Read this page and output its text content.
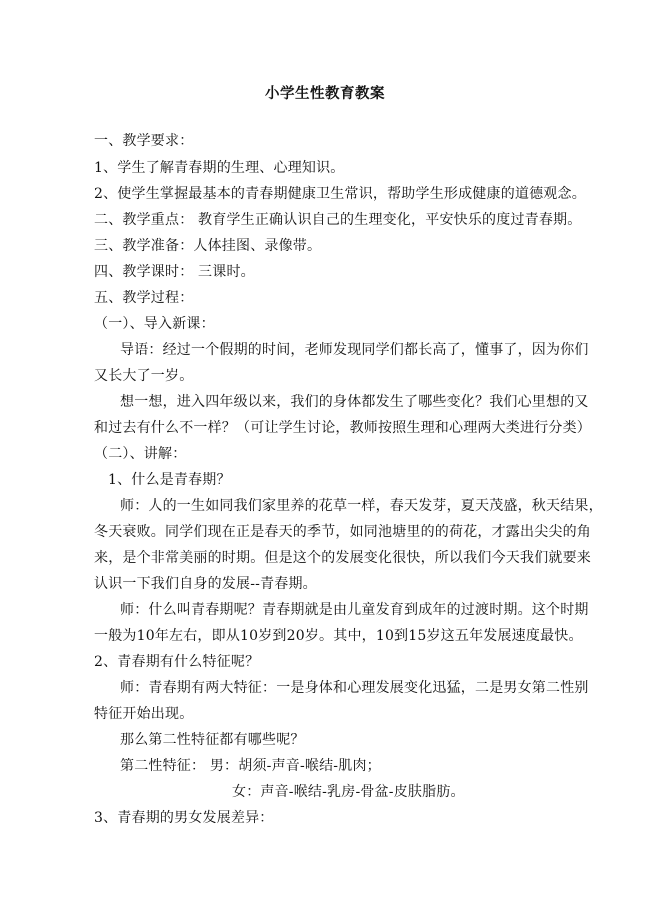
小学生性教育教案
一、教学要求：
1、学生了解青春期的生理、心理知识。
2、使学生掌握最基本的青春期健康卫生常识，帮助学生形成健康的道德观念。
二、教学重点： 教育学生正确认识自己的生理变化，平安快乐的度过青春期。
三、教学准备：人体挂图、录像带。
四、教学课时： 三课时。
五、教学过程：
（一）、导入新课：
导语：经过一个假期的时间，老师发现同学们都长高了，懂事了，因为你们
又长大了一岁。
想一想，进入四年级以来，我们的身体都发生了哪些变化？我们心里想的又
和过去有什么不一样？（可让学生讨论，教师按照生理和心理两大类进行分类）
（二）、讲解：
1、什么是青春期？
师：人的一生如同我们家里养的花草一样，春天发芽，夏天茂盛，秋天结果，
冬天衰败。同学们现在正是春天的季节，如同池塘里的的荷花，才露出尖尖的角
来，是个非常美丽的时期。但是这个的发展变化很快，所以我们今天我们就要来
认识一下我们自身的发展--青春期。
师：什么叫青春期呢？青春期就是由儿童发育到成年的过渡时期。这个时期
一般为10年左右，即从10岁到20岁。其中，10到15岁这五年发展速度最快。
2、青春期有什么特征呢？
师：青春期有两大特征：一是身体和心理发展变化迅猛，二是男女第二性别
特征开始出现。
那么第二性特征都有哪些呢？
第二性特征： 男：胡须-声音-喉结-肌肉；
女：声音-喉结-乳房-骨盆-皮肤脂肪。
3、青春期的男女发展差异：
